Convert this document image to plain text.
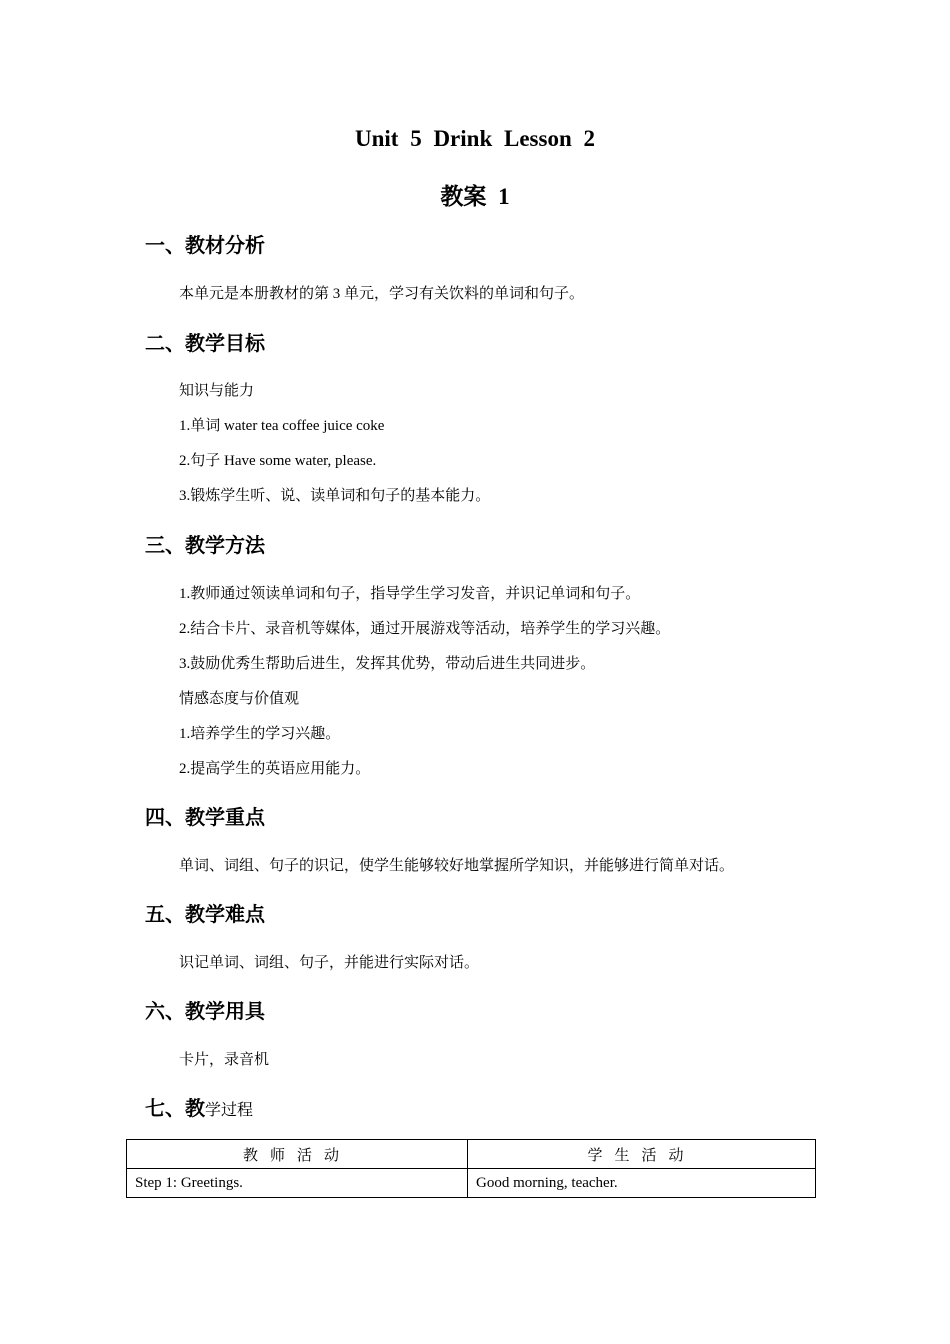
Unit 5 Drink Lesson 2
教案 1
一、教材分析

本单元是本册教材的第 3 单元，学习有关饮料的单词和句子。

二、教学目标

知识与能力

1.单词 water tea coffee juice coke

2.句子 Have some water, please.

3.锻炼学生听、说、读单词和句子的基本能力。

三、教学方法

1.教师通过领读单词和句子，指导学生学习发音，并识记单词和句子。

2.结合卡片、录音机等媒体，通过开展游戏等活动，培养学生的学习兴趣。

3.鼓励优秀生帮助后进生，发挥其优势，带动后进生共同进步。

情感态度与价值观

1.培养学生的学习兴趣。

2.提高学生的英语应用能力。

四、教学重点

单词、词组、句子的识记，使学生能够较好地掌握所学知识，并能够进行简单对话。

五、教学难点

识记单词、词组、句子，并能进行实际对话。

六、教学用具

卡片，录音机

七、教学过程
教师活动	学生活动
Step 1: Greetings.	Good morning, teacher.
